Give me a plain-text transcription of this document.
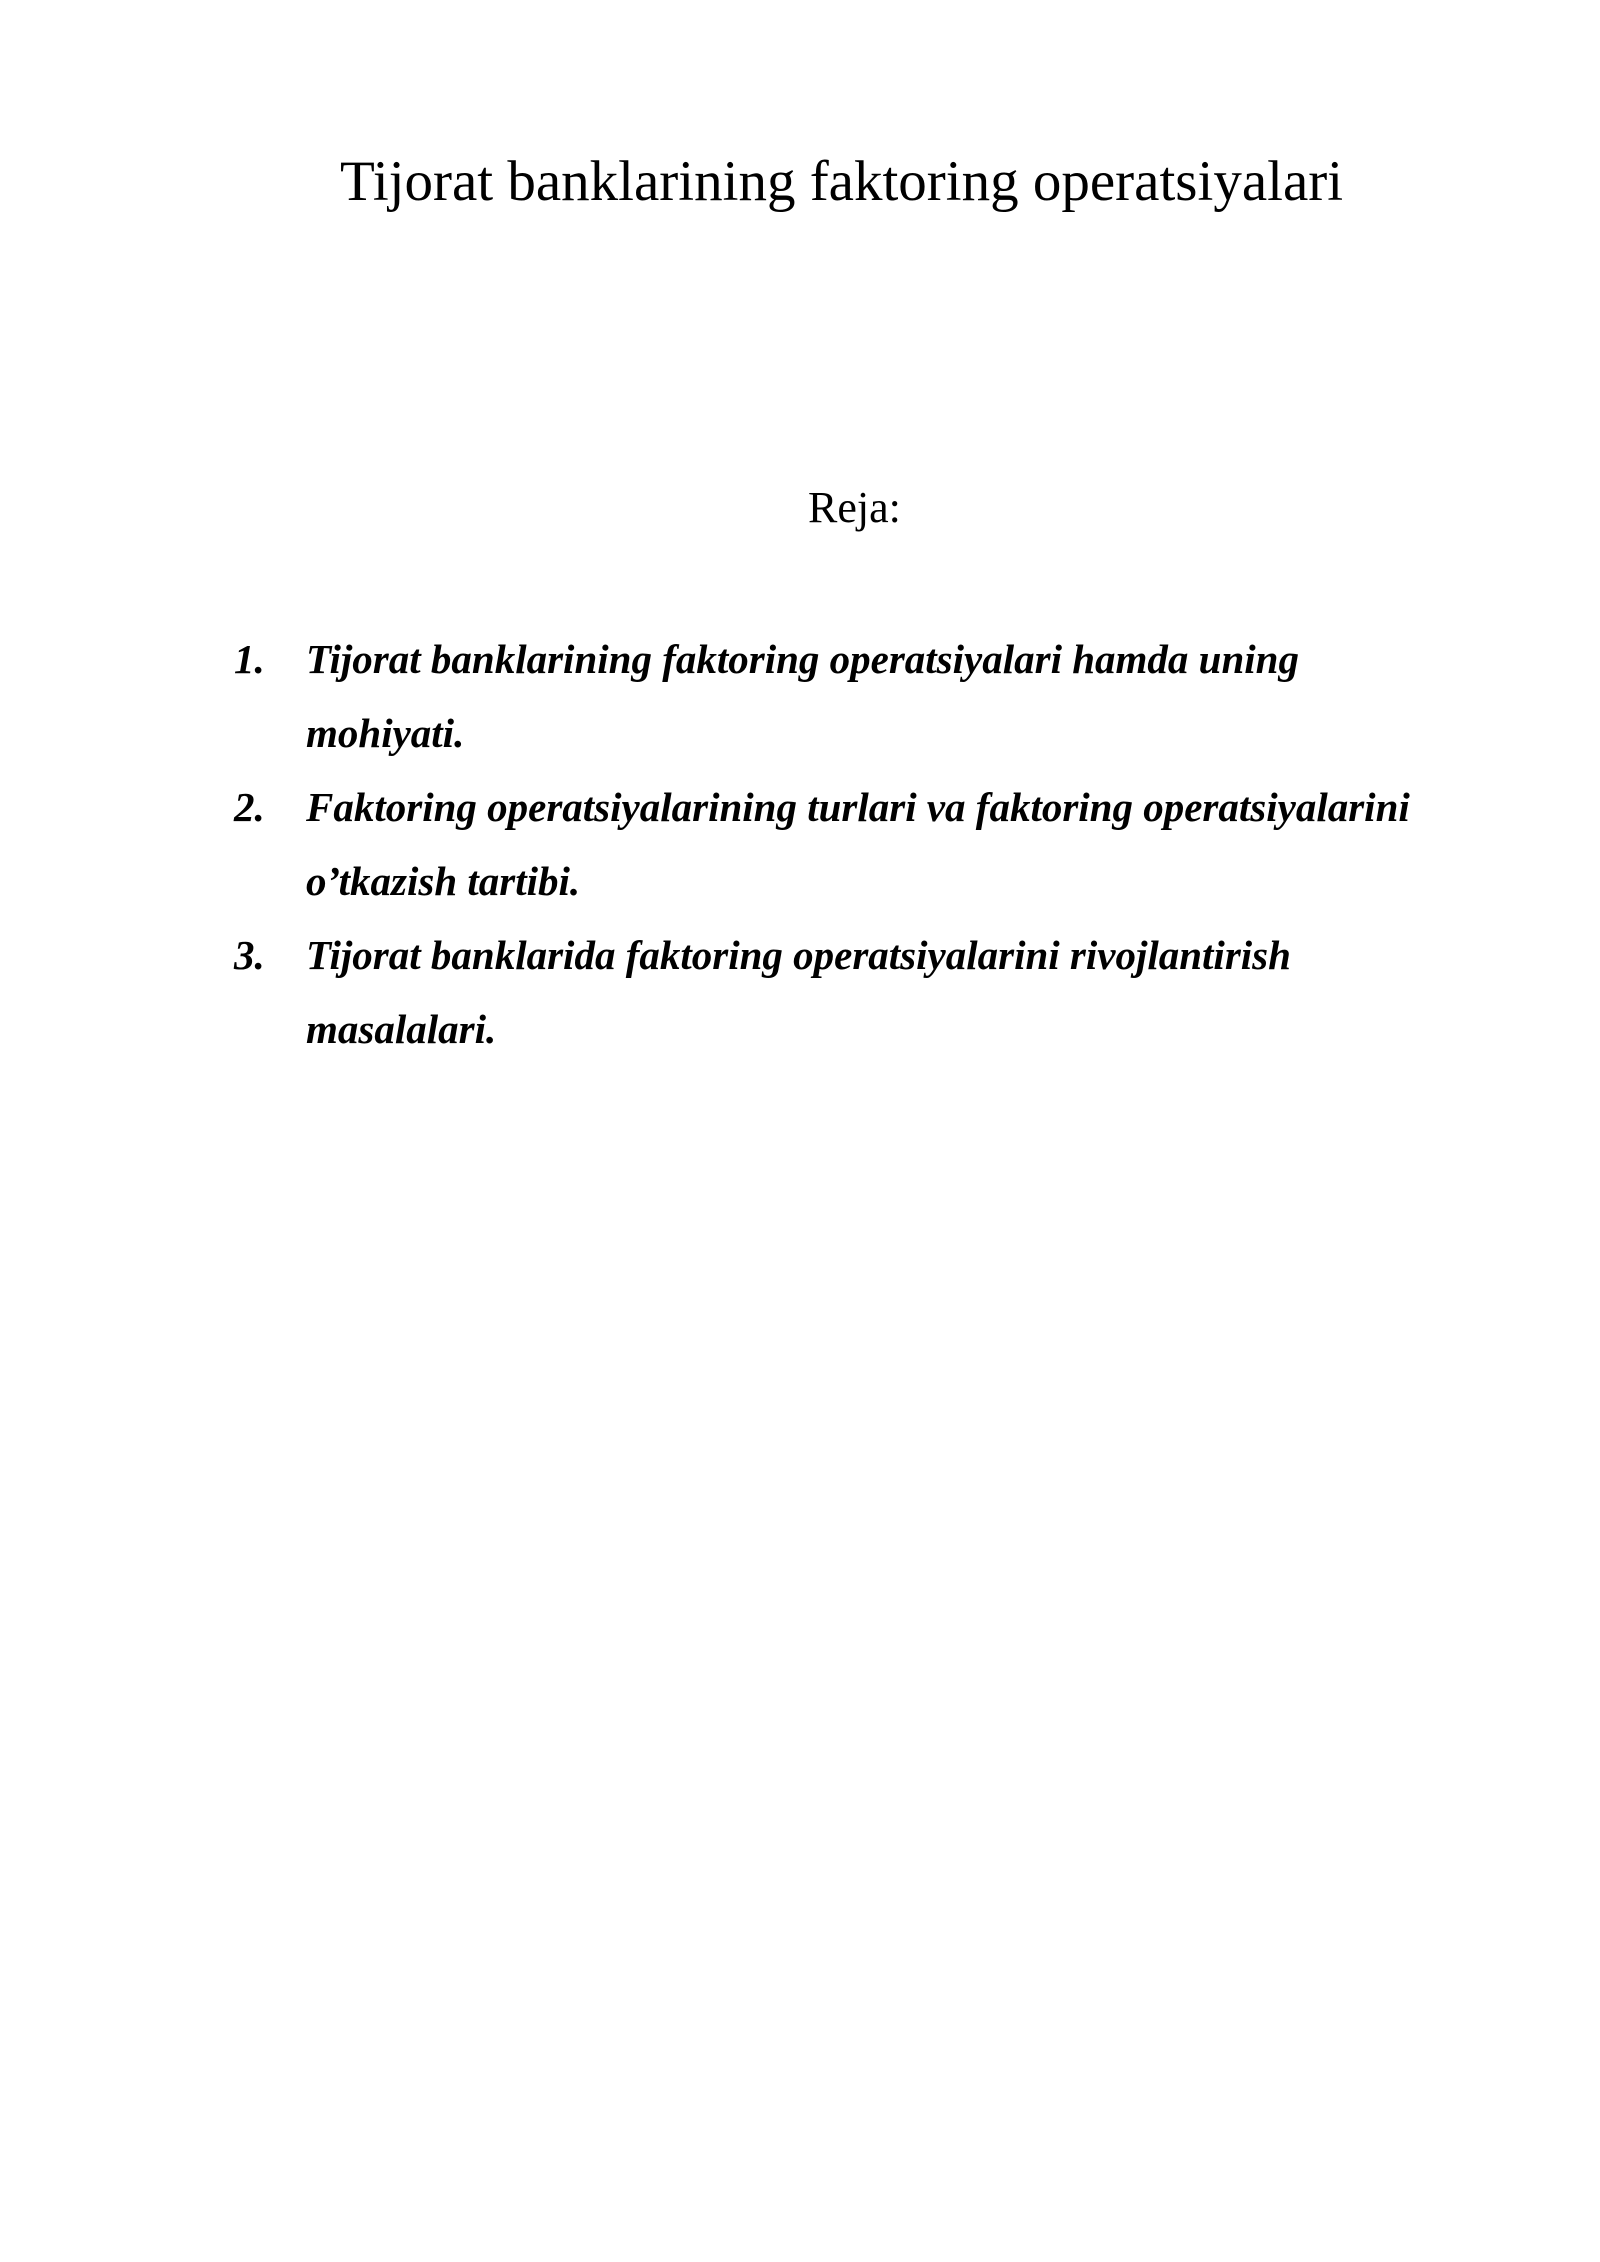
Tijorat banklarining faktoring operatsiyalari
Reja:
1.	Tijorat banklarining faktoring operatsiyalari hamda uning
mohiyati.
2.	Faktoring operatsiyalarining turlari va faktoring operatsiyalarini
o’tkazish tartibi.
3.	Tijorat banklarida faktoring operatsiyalarini rivojlantirish
masalalari.
